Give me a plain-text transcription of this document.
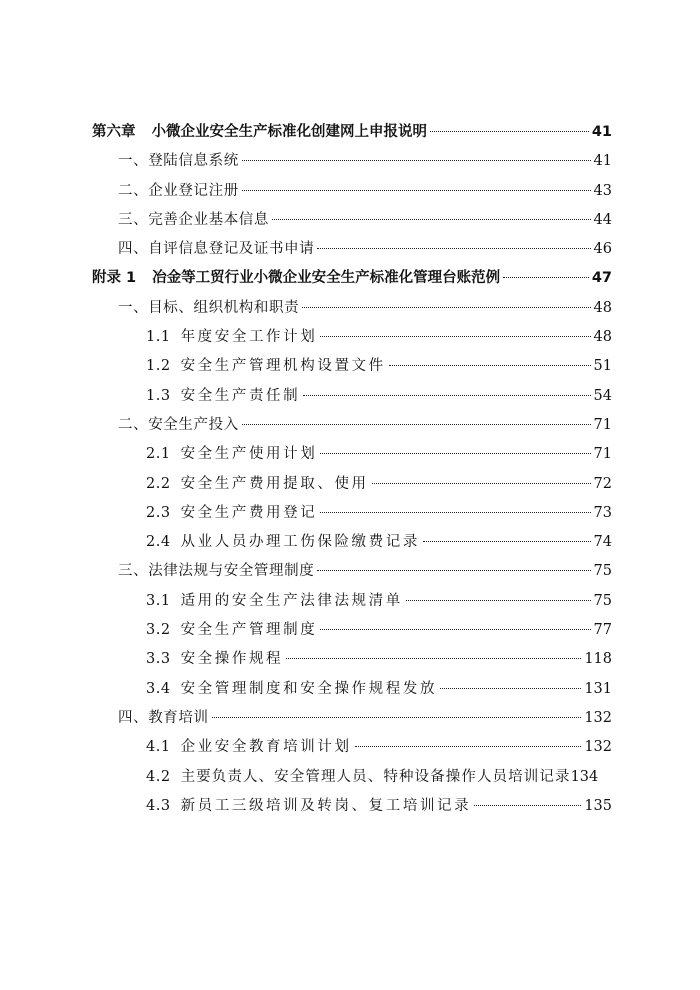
第六章 小微企业安全生产标准化创建网上申报说明	41
一、登陆信息系统	41
二、企业登记注册	43
三、完善企业基本信息	44
四、自评信息登记及证书申请	46
附录 1 冶金等工贸行业小微企业安全生产标准化管理台账范例	47
一、目标、组织机构和职责	48
1.1 年度安全工作计划	48
1.2 安全生产管理机构设置文件	51
1.3 安全生产责任制	54
二、安全生产投入	71
2.1 安全生产使用计划	71
2.2 安全生产费用提取、使用	72
2.3 安全生产费用登记	73
2.4 从业人员办理工伤保险缴费记录	74
三、法律法规与安全管理制度	75
3.1 适用的安全生产法律法规清单	75
3.2 安全生产管理制度	77
3.3 安全操作规程	118
3.4 安全管理制度和安全操作规程发放	131
四、教育培训	132
4.1 企业安全教育培训计划	132
4.2 主要负责人、安全管理人员、特种设备操作人员培训记录 134
4.3 新员工三级培训及转岗、复工培训记录	135
